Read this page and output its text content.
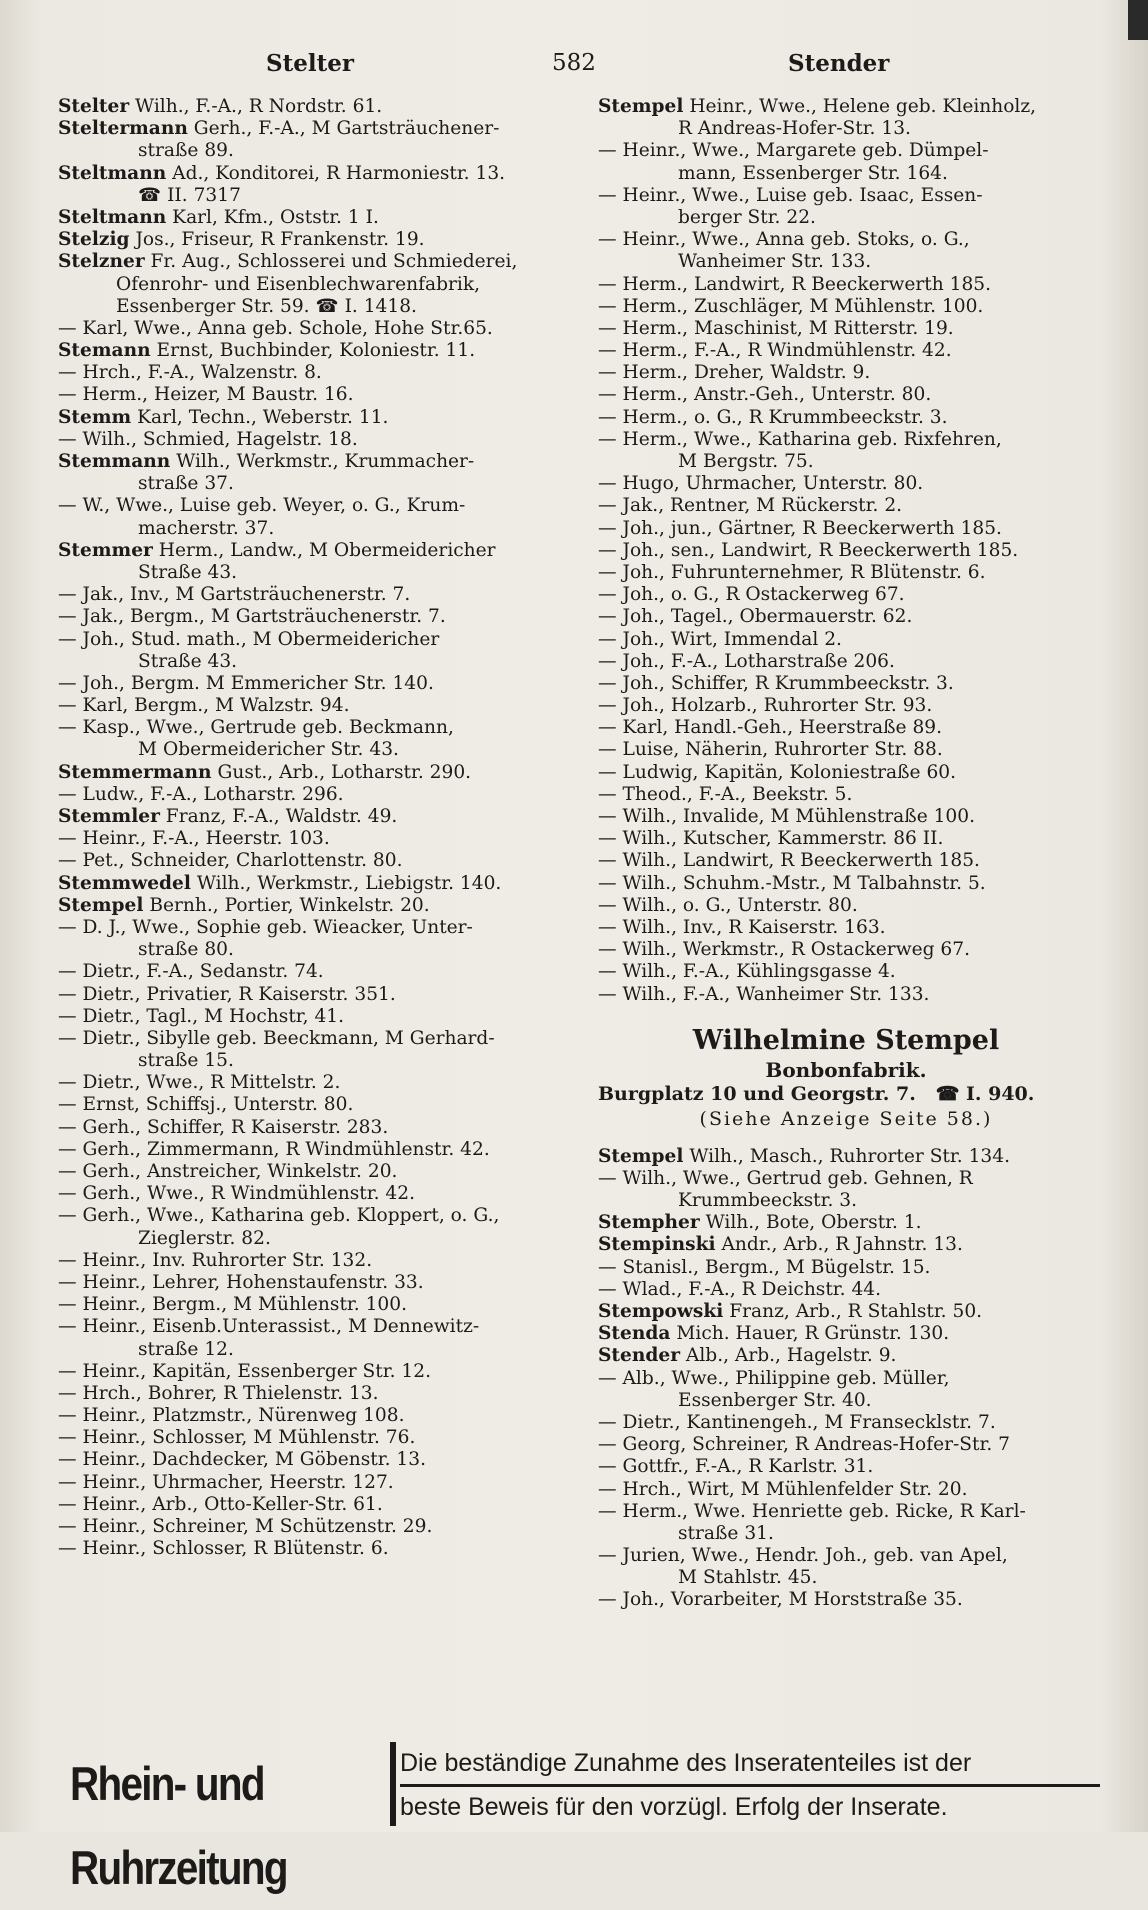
Stelter	582	Stender
Stelter Wilh., F.-A., R Nordstr. 61.
Steltermann Gerh., F.-A., M Gartsträuchener-
straße 89.
Steltmann Ad., Konditorei, R Harmoniestr. 13.
☎ II. 7317
Steltmann Karl, Kfm., Oststr. 1 I.
Stelzig Jos., Friseur, R Frankenstr. 19.
Stelzner Fr. Aug., Schlosserei und Schmiederei,
Ofenrohr- und Eisenblechwarenfabrik,
Essenberger Str. 59. ☎ I. 1418.
— Karl, Wwe., Anna geb. Schole, Hohe Str.65.
Stemann Ernst, Buchbinder, Koloniestr. 11.
— Hrch., F.-A., Walzenstr. 8.
— Herm., Heizer, M Baustr. 16.
Stemm Karl, Techn., Weberstr. 11.
— Wilh., Schmied, Hagelstr. 18.
Stemmann Wilh., Werkmstr., Krummacher-
straße 37.
— W., Wwe., Luise geb. Weyer, o. G., Krum-
macherstr. 37.
Stemmer Herm., Landw., M Obermeidericher
Straße 43.
— Jak., Inv., M Gartsträuchenerstr. 7.
— Jak., Bergm., M Gartsträuchenerstr. 7.
— Joh., Stud. math., M Obermeidericher
Straße 43.
— Joh., Bergm. M Emmericher Str. 140.
— Karl, Bergm., M Walzstr. 94.
— Kasp., Wwe., Gertrude geb. Beckmann,
M Obermeidericher Str. 43.
Stemmermann Gust., Arb., Lotharstr. 290.
— Ludw., F.-A., Lotharstr. 296.
Stemmler Franz, F.-A., Waldstr. 49.
— Heinr., F.-A., Heerstr. 103.
— Pet., Schneider, Charlottenstr. 80.
Stemmwedel Wilh., Werkmstr., Liebigstr. 140.
Stempel Bernh., Portier, Winkelstr. 20.
— D. J., Wwe., Sophie geb. Wieacker, Unter-
straße 80.
— Dietr., F.-A., Sedanstr. 74.
— Dietr., Privatier, R Kaiserstr. 351.
— Dietr., Tagl., M Hochstr, 41.
— Dietr., Sibylle geb. Beeckmann, M Gerhard-
straße 15.
— Dietr., Wwe., R Mittelstr. 2.
— Ernst, Schiffsj., Unterstr. 80.
— Gerh., Schiffer, R Kaiserstr. 283.
— Gerh., Zimmermann, R Windmühlenstr. 42.
— Gerh., Anstreicher, Winkelstr. 20.
— Gerh., Wwe., R Windmühlenstr. 42.
— Gerh., Wwe., Katharina geb. Kloppert, o. G.,
Zieglerstr. 82.
— Heinr., Inv. Ruhrorter Str. 132.
— Heinr., Lehrer, Hohenstaufenstr. 33.
— Heinr., Bergm., M Mühlenstr. 100.
— Heinr., Eisenb.Unterassist., M Dennewitz-
straße 12.
— Heinr., Kapitän, Essenberger Str. 12.
— Hrch., Bohrer, R Thielenstr. 13.
— Heinr., Platzmstr., Nürenweg 108.
— Heinr., Schlosser, M Mühlenstr. 76.
— Heinr., Dachdecker, M Göbenstr. 13.
— Heinr., Uhrmacher, Heerstr. 127.
— Heinr., Arb., Otto-Keller-Str. 61.
— Heinr., Schreiner, M Schützenstr. 29.
— Heinr., Schlosser, R Blütenstr. 6.
Stempel Heinr., Wwe., Helene geb. Kleinholz,
R Andreas-Hofer-Str. 13.
— Heinr., Wwe., Margarete geb. Dümpel-
mann, Essenberger Str. 164.
— Heinr., Wwe., Luise geb. Isaac, Essen-
berger Str. 22.
— Heinr., Wwe., Anna geb. Stoks, o. G.,
Wanheimer Str. 133.
— Herm., Landwirt, R Beeckerwerth 185.
— Herm., Zuschläger, M Mühlenstr. 100.
— Herm., Maschinist, M Ritterstr. 19.
— Herm., F.-A., R Windmühlenstr. 42.
— Herm., Dreher, Waldstr. 9.
— Herm., Anstr.-Geh., Unterstr. 80.
— Herm., o. G., R Krummbeeckstr. 3.
— Herm., Wwe., Katharina geb. Rixfehren,
M Bergstr. 75.
— Hugo, Uhrmacher, Unterstr. 80.
— Jak., Rentner, M Rückerstr. 2.
— Joh., jun., Gärtner, R Beeckerwerth 185.
— Joh., sen., Landwirt, R Beeckerwerth 185.
— Joh., Fuhrunternehmer, R Blütenstr. 6.
— Joh., o. G., R Ostackerweg 67.
— Joh., Tagel., Obermauerstr. 62.
— Joh., Wirt, Immendal 2.
— Joh., F.-A., Lotharstraße 206.
— Joh., Schiffer, R Krummbeeckstr. 3.
— Joh., Holzarb., Ruhrorter Str. 93.
— Karl, Handl.-Geh., Heerstraße 89.
— Luise, Näherin, Ruhrorter Str. 88.
— Ludwig, Kapitän, Koloniestraße 60.
— Theod., F.-A., Beekstr. 5.
— Wilh., Invalide, M Mühlenstraße 100.
— Wilh., Kutscher, Kammerstr. 86 II.
— Wilh., Landwirt, R Beeckerwerth 185.
— Wilh., Schuhm.-Mstr., M Talbahnstr. 5.
— Wilh., o. G., Unterstr. 80.
— Wilh., Inv., R Kaiserstr. 163.
— Wilh., Werkmstr., R Ostackerweg 67.
— Wilh., F.-A., Kühlingsgasse 4.
— Wilh., F.-A., Wanheimer Str. 133.
Wilhelmine Stempel
Bonbonfabrik.
Burgplatz 10 und Georgstr. 7. ☎ I. 940.
(Siehe Anzeige Seite 58.)
Stempel Wilh., Masch., Ruhrorter Str. 134.
— Wilh., Wwe., Gertrud geb. Gehnen, R
Krummbeeckstr. 3.
Stempher Wilh., Bote, Oberstr. 1.
Stempinski Andr., Arb., R Jahnstr. 13.
— Stanisl., Bergm., M Bügelstr. 15.
— Wlad., F.-A., R Deichstr. 44.
Stempowski Franz, Arb., R Stahlstr. 50.
Stenda Mich. Hauer, R Grünstr. 130.
Stender Alb., Arb., Hagelstr. 9.
— Alb., Wwe., Philippine geb. Müller,
Essenberger Str. 40.
— Dietr., Kantinengeh., M Fransecklstr. 7.
— Georg, Schreiner, R Andreas-Hofer-Str. 7
— Gottfr., F.-A., R Karlstr. 31.
— Hrch., Wirt, M Mühlenfelder Str. 20.
— Herm., Wwe. Henriette geb. Ricke, R Karl-
straße 31.
— Jurien, Wwe., Hendr. Joh., geb. van Apel,
M Stahlstr. 45.
— Joh., Vorarbeiter, M Horststraße 35.
Rhein- und Ruhrzeitung
Die beständige Zunahme des Inseratenteiles ist der
beste Beweis für den vorzügl. Erfolg der Inserate.
